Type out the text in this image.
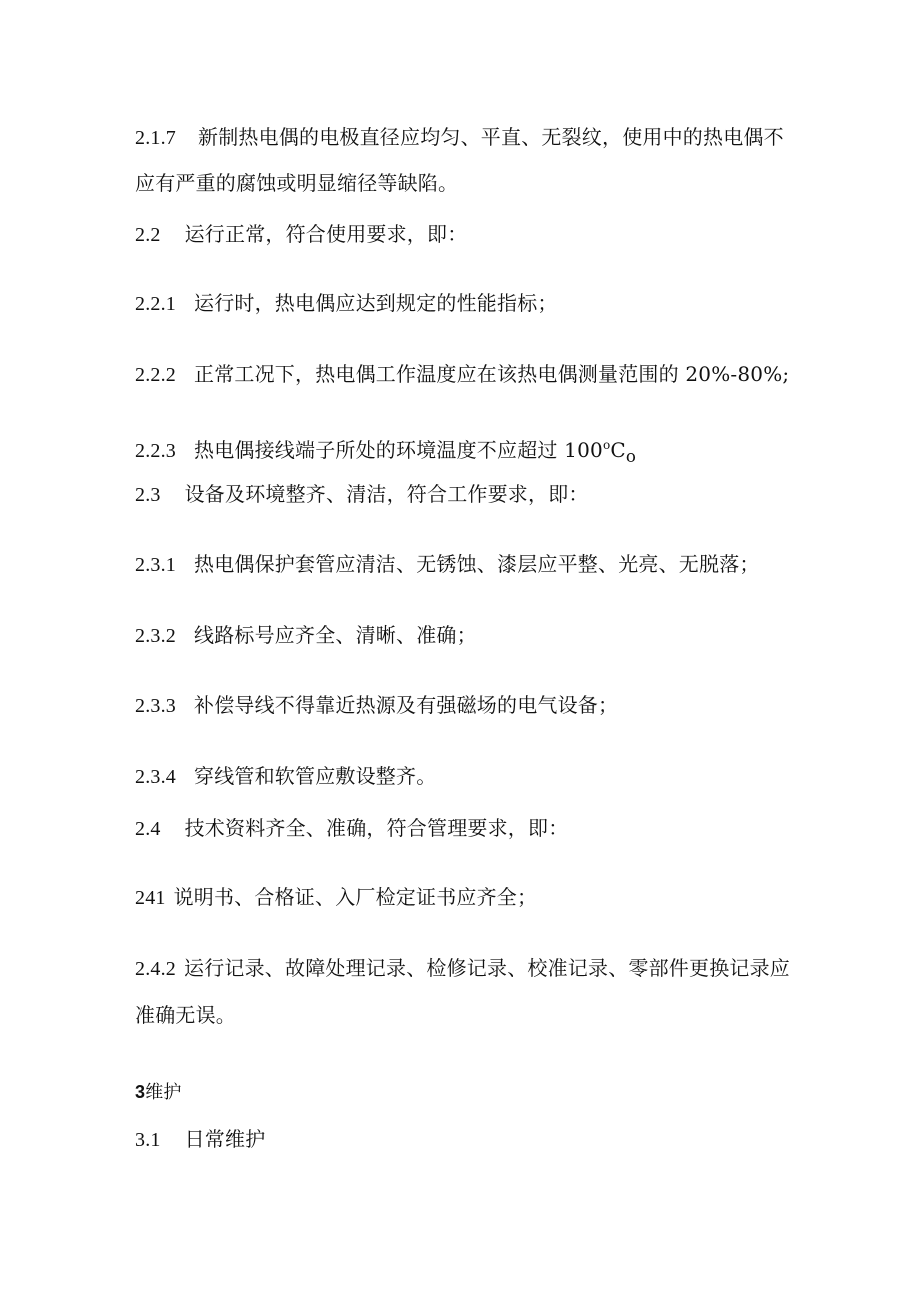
2.1.7 新制热电偶的电极直径应均匀、平直、无裂纹，使用中的热电偶不
应有严重的腐蚀或明显缩径等缺陷。
2.2 运行正常，符合使用要求，即：
2.2.1 运行时，热电偶应达到规定的性能指标；
2.2.2 正常工况下，热电偶工作温度应在该热电偶测量范围的 20%-80%;
2.2.3 热电偶接线端子所处的环境温度不应超过 $100^oC_o$
2.3 设备及环境整齐、清洁，符合工作要求，即：
2.3.1 热电偶保护套管应清洁、无锈蚀、漆层应平整、光亮、无脱落；
2.3.2 线路标号应齐全、清晰、准确；
2.3.3 补偿导线不得靠近热源及有强磁场的电气设备；
2.3.4 穿线管和软管应敷设整齐。
2.4 技术资料齐全、准确，符合管理要求，即：
241 说明书、合格证、入厂检定证书应齐全；
2.4.2 运行记录、故障处理记录、检修记录、校准记录、零部件更换记录应
准确无误。
3维护
3.1 日常维护
